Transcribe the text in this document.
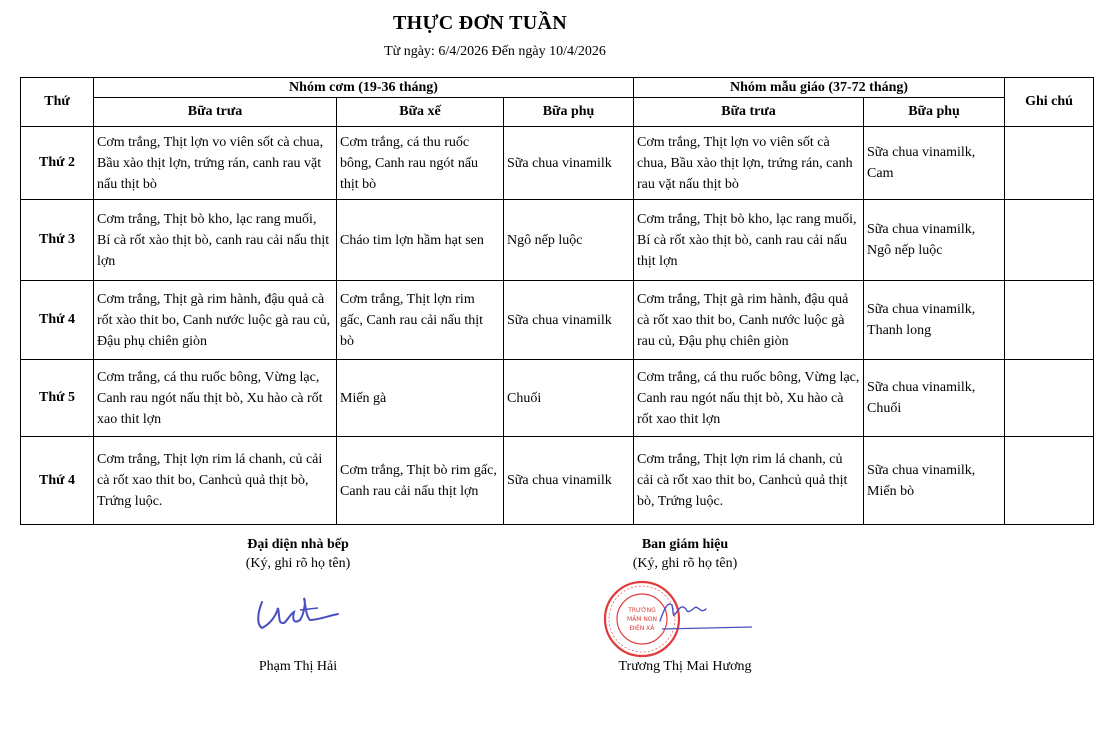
THỰC ĐƠN TUẦN
Từ ngày: 6/4/2026 Đến ngày 10/4/2026
Thứ	Nhóm cơm (19-36 tháng)			Nhóm mẫu giáo (37-72 tháng)		Ghi chú
	Bữa trưa	Bữa xế	Bữa phụ	Bữa trưa	Bữa phụ	
Thứ 2	Cơm trắng, Thịt lợn vo viên sốt cà chua, Bầu xào thịt lợn, trứng rán, canh rau vặt nấu thịt bò	Cơm trắng, cá thu ruốc bông, Canh rau ngót nấu thịt bò	Sữa chua vinamilk	Cơm trắng, Thịt lợn vo viên sốt cà chua, Bầu xào thịt lợn, trứng rán, canh rau vặt nấu thịt bò	Sữa chua vinamilk, Cam	
Thứ 3	Cơm trắng, Thịt bò kho, lạc rang muối, Bí cà rốt xào thịt bò, canh rau cải nấu thịt lợn	Cháo tim lợn hầm hạt sen	Ngô nếp luộc	Cơm trắng, Thịt bò kho, lạc rang muối, Bí cà rốt xào thịt bò, canh rau cải nấu thịt lợn	Sữa chua vinamilk, Ngô nếp luộc	
Thứ 4	Cơm trắng, Thịt gà rim hành, đậu quả cà rốt xào thit bo, Canh nước luộc gà rau củ, Đậu phụ chiên giòn	Cơm trắng, Thịt lợn rim gấc, Canh rau cải nấu thịt bò	Sữa chua vinamilk	Cơm trắng, Thịt gà rim hành, đậu quả cà rốt xao thit bo, Canh nước luộc gà rau củ, Đậu phụ chiên giòn	Sữa chua vinamilk, Thanh long	
Thứ 5	Cơm trắng, cá thu ruốc bông, Vừng lạc, Canh rau ngót nấu thịt bò, Xu hào cà rốt xao thit lợn	Miến gà	Chuối	Cơm trắng, cá thu ruốc bông, Vừng lạc, Canh rau ngót nấu thịt bò, Xu hào cà rốt xao thit lợn	Sữa chua vinamilk, Chuối	
Thứ 4	Cơm trắng, Thịt lợn rim lá chanh, củ cải cà rốt xao thit bo, Canhcủ quả thịt bò, Trứng luộc.	Cơm trắng, Thịt bò rim gấc, Canh rau cải nấu thịt lợn	Sữa chua vinamilk	Cơm trắng, Thịt lợn rim lá chanh, củ cải cà rốt xao thit bo, Canhcủ quả thịt bò, Trứng luộc.	Sữa chua vinamilk, Miến bò	
Đại diện nhà bếp
(Ký, ghi rõ họ tên)
Phạm Thị Hải
Ban giám hiệu
(Ký, ghi rõ họ tên)
TRƯỜNG
MẦM NON
ĐIỆN XÁ
Trương Thị Mai Hương
